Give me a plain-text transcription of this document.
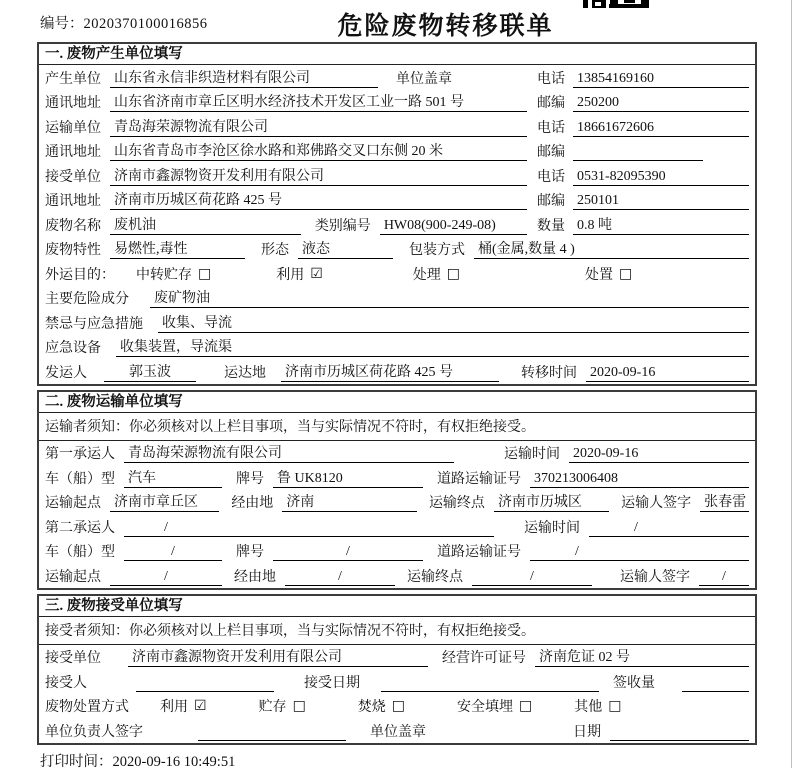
编号：2020370100016856	危险废物转移联单
一. 废物产生单位填写
产生单位 山东省永信非织造材料有限公司	单位盖章	电话 13854169160
通讯地址 山东省济南市章丘区明水经济技术开发区工业一路 501 号	邮编 250200
运输单位 青岛海荣源物流有限公司	电话 18661672606
通讯地址 山东省青岛市李沧区徐水路和郑佛路交叉口东侧 20 米	邮编
接受单位 济南市鑫源物资开发利用有限公司	电话 0531-82095390
通讯地址 济南市历城区荷花路 425 号	邮编 250101
废物名称 废机油	类别编号 HW08(900-249-08)	数量 0.8 吨
废物特性 易燃性,毒性	形态 液态	包装方式 桶(金属,数量 4 )
外运目的： 中转贮存 □	利用 ☑	处理 □	处置 □
主要危险成分 废矿物油
禁忌与应急措施 收集、导流
应急设备 收集装置，导流渠
发运人	郭玉波	运达地 济南市历城区荷花路 425 号	转移时间 2020-09-16
二. 废物运输单位填写
运输者须知：你必须核对以上栏目事项，当与实际情况不符时，有权拒绝接受。
第一承运人 青岛海荣源物流有限公司	运输时间 2020-09-16
车（船）型 汽车	牌号 鲁 UK8120	道路运输证号 370213006408
运输起点 济南市章丘区	经由地 济南	运输终点 济南市历城区	运输人签字 张春雷
第二承运人	/	运输时间	/
车（船）型	/	牌号	/	道路运输证号	/
运输起点	/	经由地	/	运输终点	/	运输人签字	/
三. 废物接受单位填写
接受者须知：你必须核对以上栏目事项，当与实际情况不符时，有权拒绝接受。
接受单位 济南市鑫源物资开发利用有限公司	经营许可证号 济南危证 02 号
接受人	接受日期	签收量
废物处置方式 利用 ☑	贮存 □	焚烧 □	安全填埋 □	其他 □
单位负责人签字	单位盖章	日期
打印时间：2020-09-16 10:49:51
